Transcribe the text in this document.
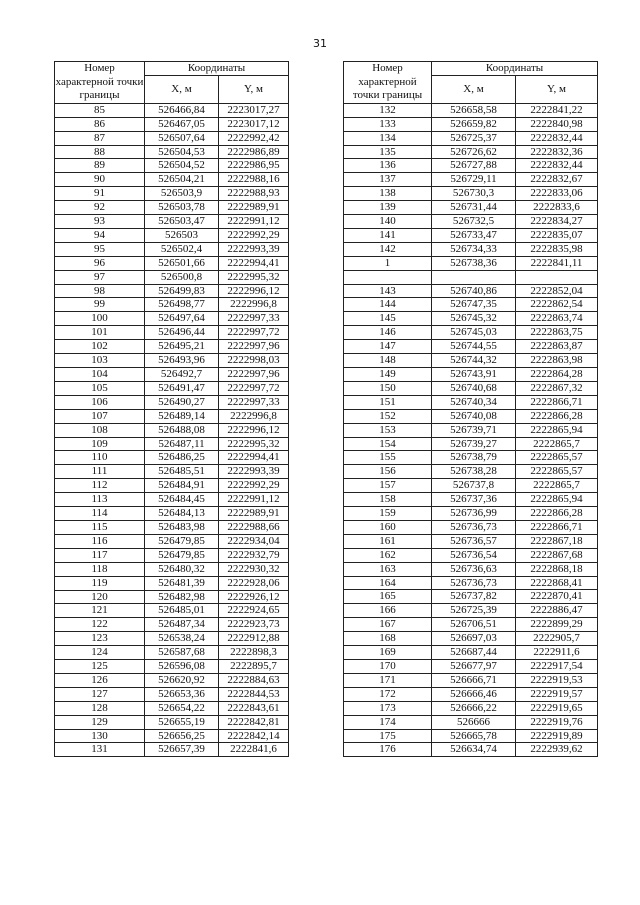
31
Номер характерной точки границы	Координаты	
	X, м	Y, м
85	526466,84	2223017,27
86	526467,05	2223017,12
87	526507,64	2222992,42
88	526504,53	2222986,89
89	526504,52	2222986,95
90	526504,21	2222988,16
91	526503,9	2222988,93
92	526503,78	2222989,91
93	526503,47	2222991,12
94	526503	2222992,29
95	526502,4	2222993,39
96	526501,66	2222994,41
97	526500,8	2222995,32
98	526499,83	2222996,12
99	526498,77	2222996,8
100	526497,64	2222997,33
101	526496,44	2222997,72
102	526495,21	2222997,96
103	526493,96	2222998,03
104	526492,7	2222997,96
105	526491,47	2222997,72
106	526490,27	2222997,33
107	526489,14	2222996,8
108	526488,08	2222996,12
109	526487,11	2222995,32
110	526486,25	2222994,41
111	526485,51	2222993,39
112	526484,91	2222992,29
113	526484,45	2222991,12
114	526484,13	2222989,91
115	526483,98	2222988,66
116	526479,85	2222934,04
117	526479,85	2222932,79
118	526480,32	2222930,32
119	526481,39	2222928,06
120	526482,98	2222926,12
121	526485,01	2222924,65
122	526487,34	2222923,73
123	526538,24	2222912,88
124	526587,68	2222898,3
125	526596,08	2222895,7
126	526620,92	2222884,63
127	526653,36	2222844,53
128	526654,22	2222843,61
129	526655,19	2222842,81
130	526656,25	2222842,14
131	526657,39	2222841,6
Номер характерной точки границы	Координаты	
	X, м	Y, м
132	526658,58	2222841,22
133	526659,82	2222840,98
134	526725,37	2222832,44
135	526726,62	2222832,36
136	526727,88	2222832,44
137	526729,11	2222832,67
138	526730,3	2222833,06
139	526731,44	2222833,6
140	526732,5	2222834,27
141	526733,47	2222835,07
142	526734,33	2222835,98
1	526738,36	2222841,11

143	526740,86	2222852,04
144	526747,35	2222862,54
145	526745,32	2222863,74
146	526745,03	2222863,75
147	526744,55	2222863,87
148	526744,32	2222863,98
149	526743,91	2222864,28
150	526740,68	2222867,32
151	526740,34	2222866,71
152	526740,08	2222866,28
153	526739,71	2222865,94
154	526739,27	2222865,7
155	526738,79	2222865,57
156	526738,28	2222865,57
157	526737,8	2222865,7
158	526737,36	2222865,94
159	526736,99	2222866,28
160	526736,73	2222866,71
161	526736,57	2222867,18
162	526736,54	2222867,68
163	526736,63	2222868,18
164	526736,73	2222868,41
165	526737,82	2222870,41
166	526725,39	2222886,47
167	526706,51	2222899,29
168	526697,03	2222905,7
169	526687,44	2222911,6
170	526677,97	2222917,54
171	526666,71	2222919,53
172	526666,46	2222919,57
173	526666,22	2222919,65
174	526666	2222919,76
175	526665,78	2222919,89
176	526634,74	2222939,62
